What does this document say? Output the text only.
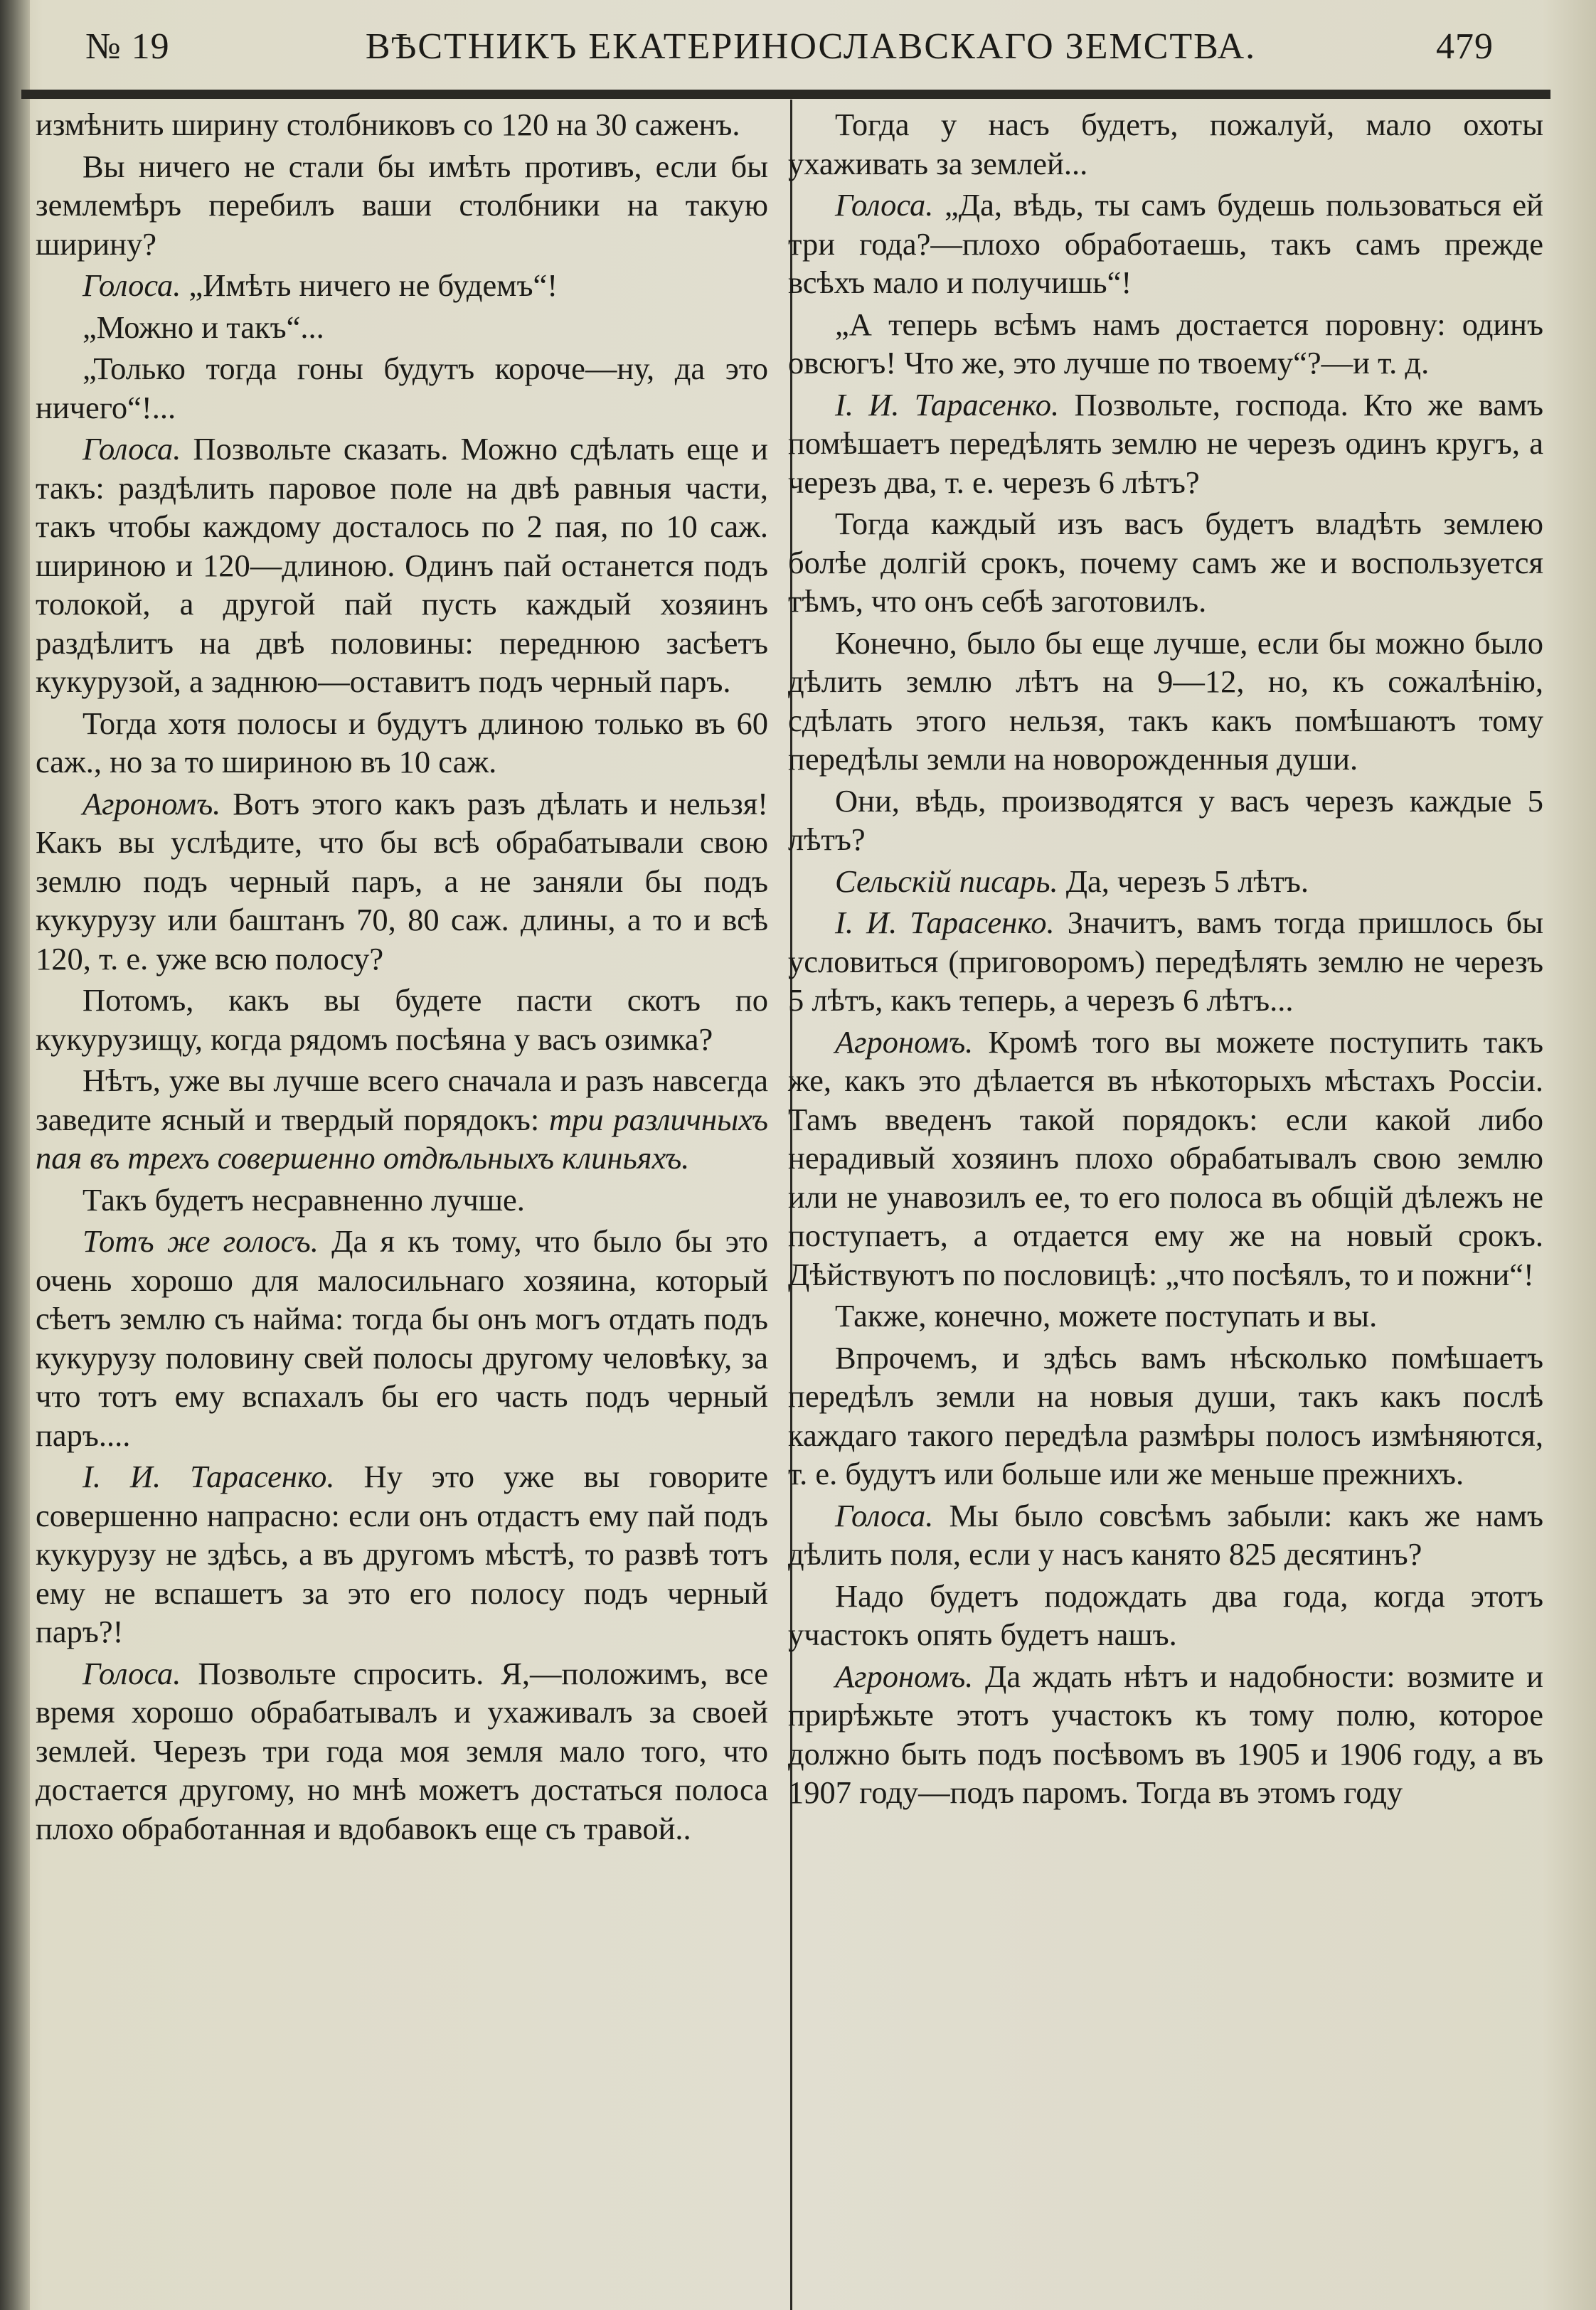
№ 19	ВѢСТНИКЪ ЕКАТЕРИНОСЛАВСКАГО ЗЕМСТВА.	479

измѣнить ширину столбниковъ со 120 на 30 саженъ.

Вы ничего не стали бы имѣть противъ, если бы землемѣръ перебилъ ваши столбники на такую ширину?

Голоса. „Имѣть ничего не будемъ“!

„Можно и такъ“...

„Только тогда гоны будутъ короче—ну, да это ничего“!...

Голоса. Позвольте сказать. Можно сдѣлать еще и такъ: раздѣлить паровое поле на двѣ равныя части, такъ чтобы каждому досталось по 2 пая, по 10 саж. шириною и 120—длиною. Одинъ пай останется подъ толокой, а другой пай пусть каждый хозяинъ раздѣлитъ на двѣ половины: переднюю засѣетъ кукурузой, а заднюю—оставитъ подъ черный паръ.

Тогда хотя полосы и будутъ длиною только въ 60 саж., но за то шириною въ 10 саж.

Агрономъ. Вотъ этого какъ разъ дѣлать и нельзя! Какъ вы услѣдите, что бы всѣ обрабатывали свою землю подъ черный паръ, а не заняли бы подъ кукурузу или баштанъ 70, 80 саж. длины, а то и всѣ 120, т. е. уже всю полосу?

Потомъ, какъ вы будете пасти скотъ по кукурузищу, когда рядомъ посѣяна у васъ озимка?

Нѣтъ, уже вы лучше всего сначала и разъ навсегда заведите ясный и твердый порядокъ: три различныхъ пая въ трехъ совершенно отдѣльныхъ клиньяхъ.

Такъ будетъ несравненно лучше.

Тотъ же голосъ. Да я къ тому, что было бы это очень хорошо для малосильнаго хозяина, который сѣетъ землю съ найма: тогда бы онъ могъ отдать подъ кукурузу половину свей полосы другому человѣку, за что тотъ ему вспахалъ бы его часть подъ черный паръ....

І. И. Тарасенко. Ну это уже вы говорите совершенно напрасно: если онъ отдастъ ему пай подъ кукурузу не здѣсь, а въ другомъ мѣстѣ, то развѣ тотъ ему не вспашетъ за это его полосу подъ черный паръ?!

Голоса. Позвольте спросить. Я,—положимъ, все время хорошо обрабатывалъ и ухаживалъ за своей землей. Черезъ три года моя земля мало того, что достается другому, но мнѣ можетъ достаться полоса плохо обработанная и вдобавокъ еще съ травой..

Тогда у насъ будетъ, пожалуй, мало охоты ухаживать за землей...

Голоса. „Да, вѣдь, ты самъ будешь пользоваться ей три года?—плохо обработаешь, такъ самъ прежде всѣхъ мало и получишь“!

„А теперь всѣмъ намъ достается поровну: одинъ овсюгъ! Что же, это лучше по твоему“?—и т. д.

І. И. Тарасенко. Позвольте, господа. Кто же вамъ помѣшаетъ передѣлять землю не черезъ одинъ кругъ, а черезъ два, т. е. черезъ 6 лѣтъ?

Тогда каждый изъ васъ будетъ владѣть землею болѣе долгій срокъ, почему самъ же и воспользуется тѣмъ, что онъ себѣ заготовилъ.

Конечно, было бы еще лучше, если бы можно было дѣлить землю лѣтъ на 9—12, но, къ сожалѣнію, сдѣлать этого нельзя, такъ какъ помѣшаютъ тому передѣлы земли на новорожденныя души.

Они, вѣдь, производятся у васъ черезъ каждые 5 лѣтъ?

Сельскій писарь. Да, черезъ 5 лѣтъ.

І. И. Тарасенко. Значитъ, вамъ тогда пришлось бы условиться (приговоромъ) передѣлять землю не черезъ 5 лѣтъ, какъ теперь, а черезъ 6 лѣтъ...

Агрономъ. Кромѣ того вы можете поступить такъ же, какъ это дѣлается въ нѣкоторыхъ мѣстахъ Россіи. Тамъ введенъ такой порядокъ: если какой либо нерадивый хозяинъ плохо обрабатывалъ свою землю или не унавозилъ ее, то его полоса въ общій дѣлежъ не поступаетъ, а отдается ему же на новый срокъ. Дѣйствуютъ по пословицѣ: „что посѣялъ, то и пожни“!

Также, конечно, можете поступать и вы.

Впрочемъ, и здѣсь вамъ нѣсколько помѣшаетъ передѣлъ земли на новыя души, такъ какъ послѣ каждаго такого передѣла размѣры полосъ измѣняются, т. е. будутъ или больше или же меньше прежнихъ.

Голоса. Мы было совсѣмъ забыли: какъ же намъ дѣлить поля, если у насъ канято 825 десятинъ?

Надо будетъ подождать два года, когда этотъ участокъ опять будетъ нашъ.

Агрономъ. Да ждать нѣтъ и надобности: возмите и прирѣжьте этотъ участокъ къ тому полю, которое должно быть подъ посѣвомъ въ 1905 и 1906 году, а въ 1907 году—подъ паромъ. Тогда въ этомъ году
